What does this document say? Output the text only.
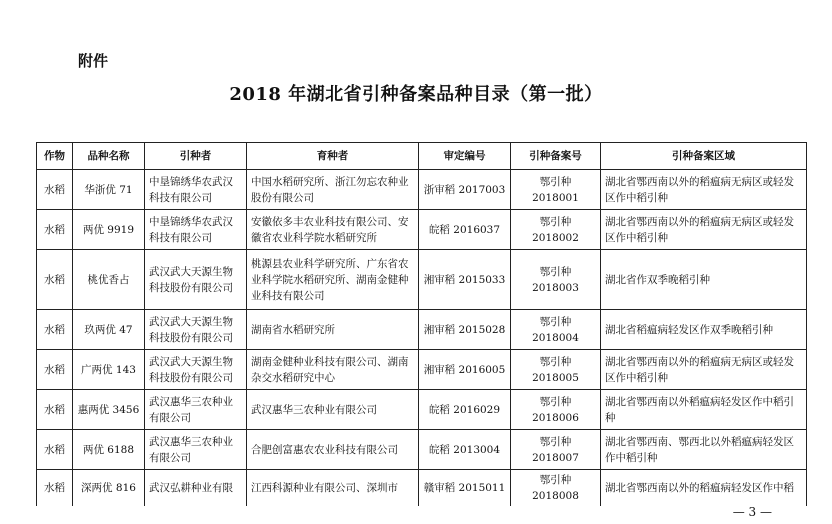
附件
2018 年湖北省引种备案品种目录（第一批）
作物	品种名称	引种者	育种者	审定编号	引种备案号	引种备案区域
水稻	华浙优 71	中垦锦绣华农武汉科技有限公司	中国水稻研究所、浙江勿忘农种业股份有限公司	浙审稻 2017003	鄂引种 2018001	湖北省鄂西南以外的稻瘟病无病区或轻发区作中稻引种
水稻	两优 9919	中垦锦绣华农武汉科技有限公司	安徽依多丰农业科技有限公司、安徽省农业科学院水稻研究所	皖稻 2016037	鄂引种 2018002	湖北省鄂西南以外的稻瘟病无病区或轻发区作中稻引种
水稻	桃优香占	武汉武大天源生物科技股份有限公司	桃源县农业科学研究所、广东省农业科学院水稻研究所、湖南金健种业科技有限公司	湘审稻 2015033	鄂引种 2018003	湖北省作双季晚稻引种
水稻	玖两优 47	武汉武大天源生物科技股份有限公司	湖南省水稻研究所	湘审稻 2015028	鄂引种 2018004	湖北省稻瘟病轻发区作双季晚稻引种
水稻	广两优 143	武汉武大天源生物科技股份有限公司	湖南金健种业科技有限公司、湖南杂交水稻研究中心	湘审稻 2016005	鄂引种 2018005	湖北省鄂西南以外的稻瘟病无病区或轻发区作中稻引种
水稻	惠两优 3456	武汉惠华三农种业有限公司	武汉惠华三农种业有限公司	皖稻 2016029	鄂引种 2018006	湖北省鄂西南以外稻瘟病轻发区作中稻引种
水稻	两优 6188	武汉惠华三农种业有限公司	合肥创富惠农农业科技有限公司	皖稻 2013004	鄂引种 2018007	湖北省鄂西南、鄂西北以外稻瘟病轻发区作中稻引种
水稻	深两优 816	武汉弘耕种业有限	江西科源种业有限公司、深圳市	赣审稻 2015011	鄂引种 2018008	湖北省鄂西南以外的稻瘟病轻发区作中稻
— 3 —
